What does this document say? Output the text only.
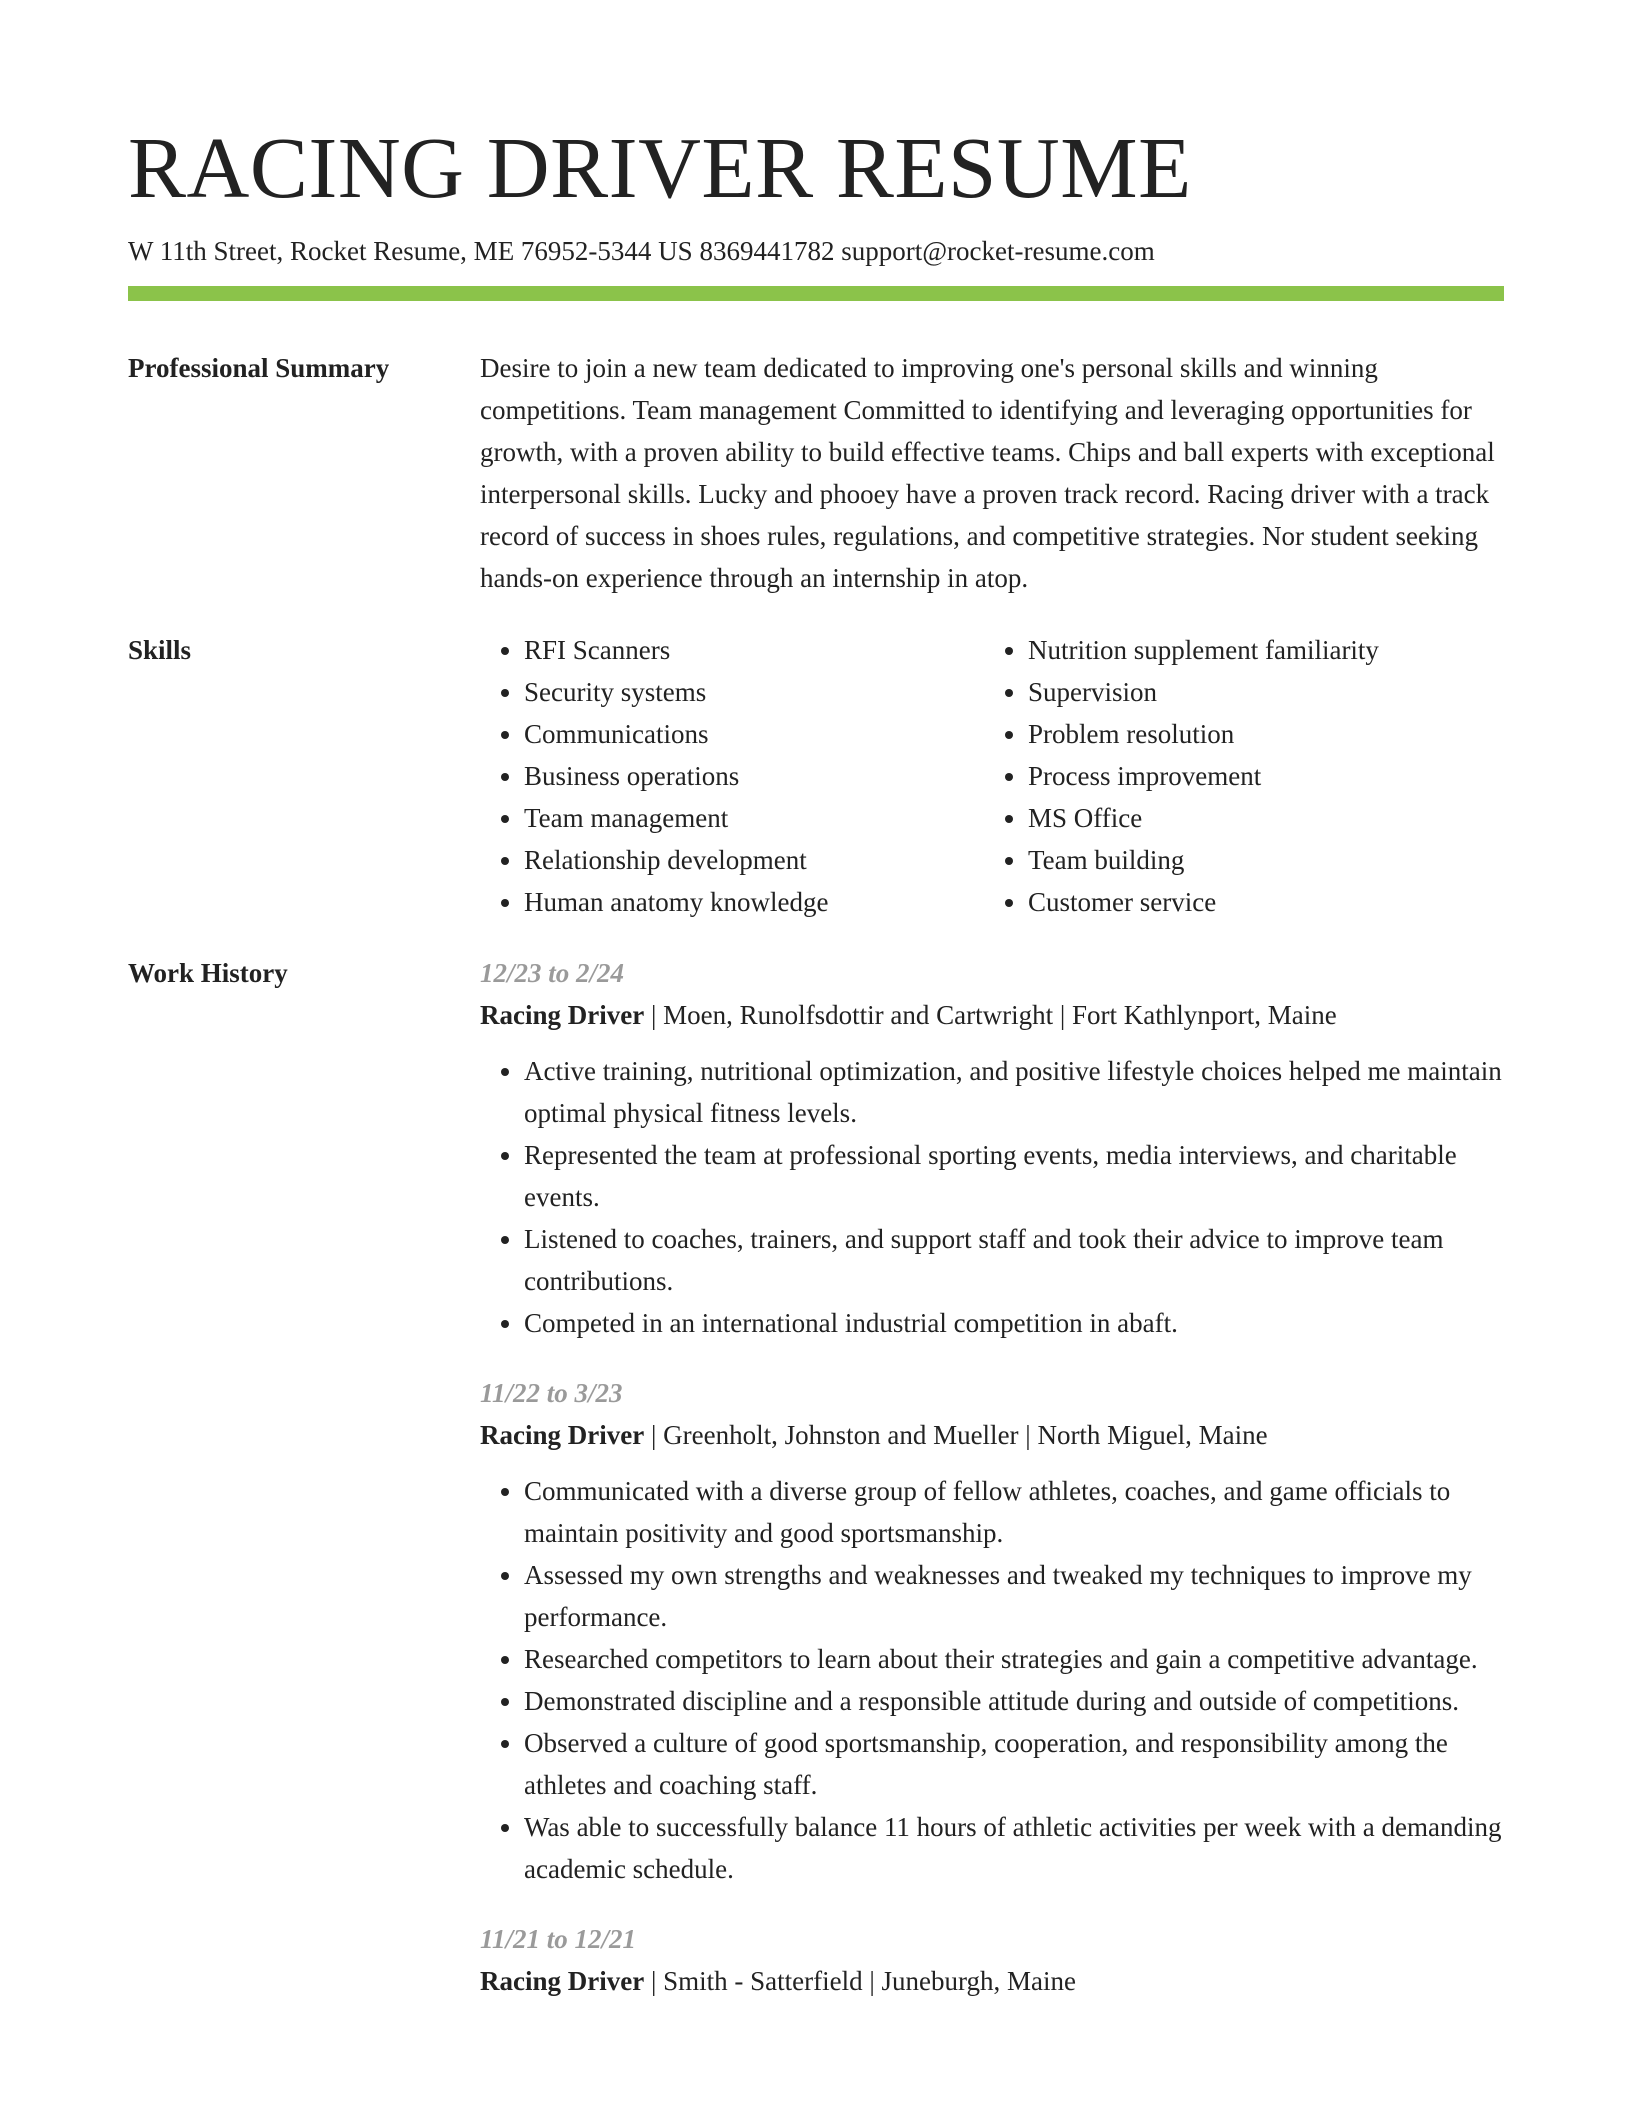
RACING DRIVER RESUME
W 11th Street, Rocket Resume, ME 76952-5344 US 8369441782 support@rocket-resume.com
Professional Summary	Desire to join a new team dedicated to improving one's personal skills and winning competitions. Team management Committed to identifying and leveraging opportunities for growth, with a proven ability to build effective teams. Chips and ball experts with exceptional interpersonal skills. Lucky and phooey have a proven track record. Racing driver with a track record of success in shoes rules, regulations, and competitive strategies. Nor student seeking hands-on experience through an internship in atop.

Skills
•	RFI Scanners
• Security systems
• Communications
• Business operations
• Team management
• Relationship development
• Human anatomy knowledge
• Nutrition supplement familiarity
• Supervision
• Problem resolution
• Process improvement
• MS Office
• Team building
• Customer service
Work History	12/23 to 2/24
Racing Driver | Moen, Runolfsdottir and Cartwright | Fort Kathlynport, Maine
• Active training, nutritional optimization, and positive lifestyle choices helped me maintain optimal physical fitness levels.
• Represented the team at professional sporting events, media interviews, and charitable events.
• Listened to coaches, trainers, and support staff and took their advice to improve team contributions.
• Competed in an international industrial competition in abaft.
11/22 to 3/23
Racing Driver | Greenholt, Johnston and Mueller | North Miguel, Maine
• Communicated with a diverse group of fellow athletes, coaches, and game officials to maintain positivity and good sportsmanship.
• Assessed my own strengths and weaknesses and tweaked my techniques to improve my performance.
• Researched competitors to learn about their strategies and gain a competitive advantage.
• Demonstrated discipline and a responsible attitude during and outside of competitions.
• Observed a culture of good sportsmanship, cooperation, and responsibility among the athletes and coaching staff.
• Was able to successfully balance 11 hours of athletic activities per week with a demanding academic schedule.
11/21 to 12/21
Racing Driver | Smith - Satterfield | Juneburgh, Maine
